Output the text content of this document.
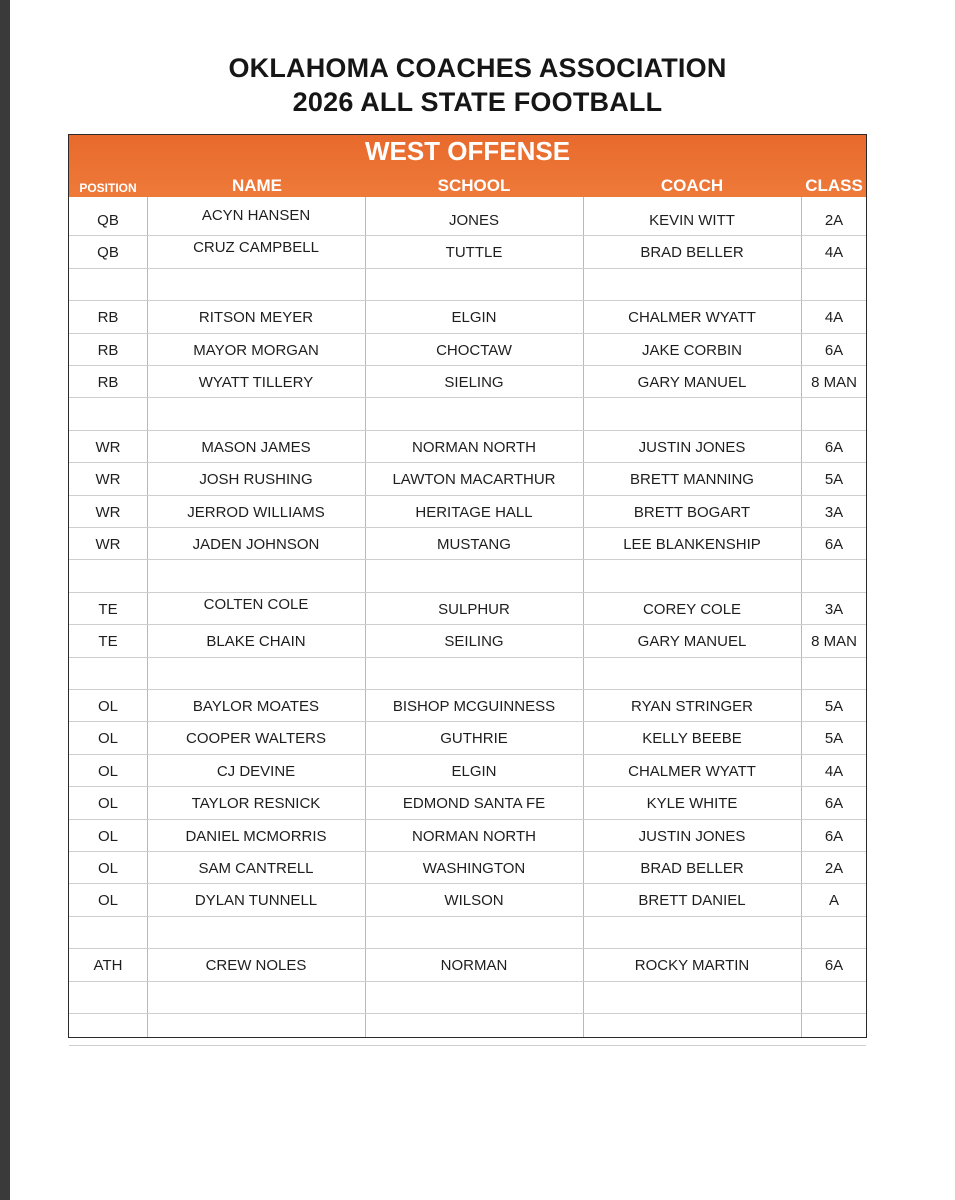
OKLAHOMA COACHES ASSOCIATION
2026 ALL STATE FOOTBALL
WEST OFFENSE
POSITION	NAME	SCHOOL	COACH	CLASS
QB	ACYN HANSEN	JONES	KEVIN WITT	2A
QB	CRUZ CAMPBELL	TUTTLE	BRAD BELLER	4A
RB	RITSON MEYER	ELGIN	CHALMER WYATT	4A
RB	MAYOR MORGAN	CHOCTAW	JAKE CORBIN	6A
RB	WYATT TILLERY	SIELING	GARY MANUEL	8 MAN
WR	MASON JAMES	NORMAN NORTH	JUSTIN JONES	6A
WR	JOSH RUSHING	LAWTON MACARTHUR	BRETT MANNING	5A
WR	JERROD WILLIAMS	HERITAGE HALL	BRETT BOGART	3A
WR	JADEN JOHNSON	MUSTANG	LEE BLANKENSHIP	6A
TE	COLTEN COLE	SULPHUR	COREY COLE	3A
TE	BLAKE CHAIN	SEILING	GARY MANUEL	8 MAN
OL	BAYLOR MOATES	BISHOP MCGUINNESS	RYAN STRINGER	5A
OL	COOPER WALTERS	GUTHRIE	KELLY BEEBE	5A
OL	CJ DEVINE	ELGIN	CHALMER WYATT	4A
OL	TAYLOR RESNICK	EDMOND SANTA FE	KYLE WHITE	6A
OL	DANIEL MCMORRIS	NORMAN NORTH	JUSTIN JONES	6A
OL	SAM CANTRELL	WASHINGTON	BRAD BELLER	2A
OL	DYLAN TUNNELL	WILSON	BRETT DANIEL	A
ATH	CREW NOLES	NORMAN	ROCKY MARTIN	6A
